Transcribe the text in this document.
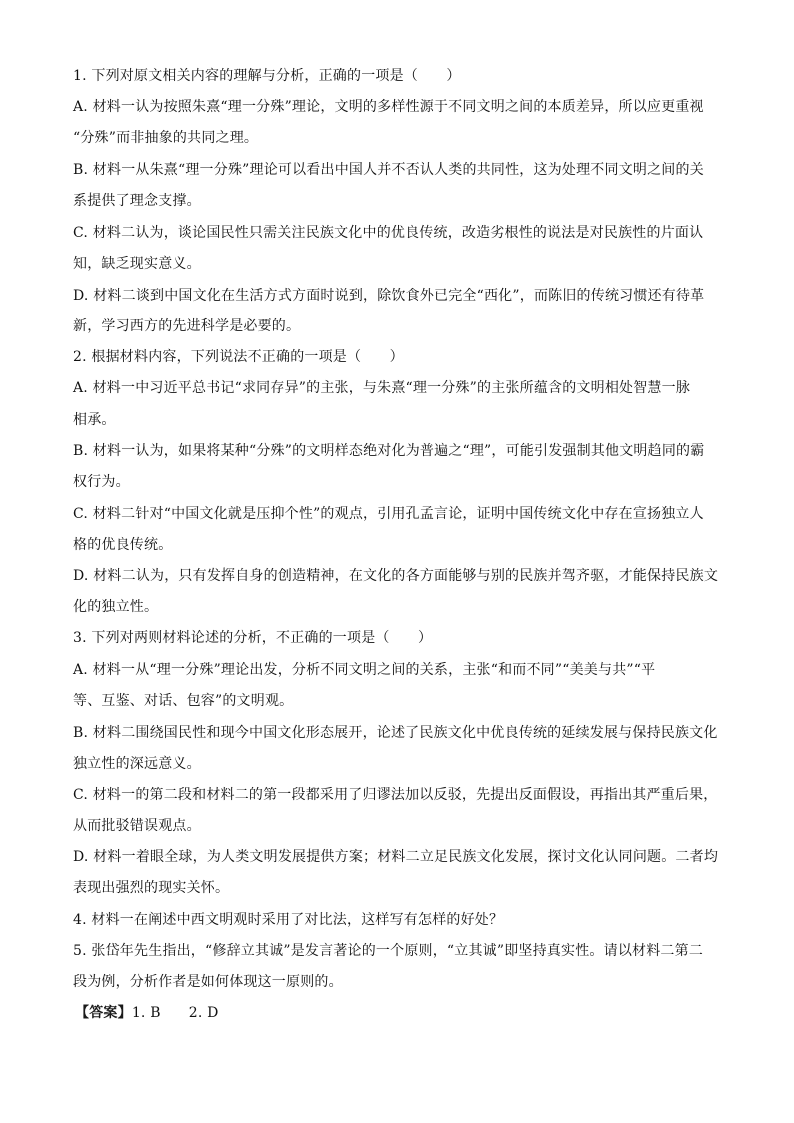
1. 下列对原文相关内容的理解与分析，正确的一项是（　　）
A. 材料一认为按照朱熹“理一分殊”理论，文明的多样性源于不同文明之间的本质差异，所以应更重视
“分殊”而非抽象的共同之理。
B. 材料一从朱熹“理一分殊”理论可以看出中国人并不否认人类的共同性，这为处理不同文明之间的关
系提供了理念支撑。
C. 材料二认为，谈论国民性只需关注民族文化中的优良传统，改造劣根性的说法是对民族性的片面认
知，缺乏现实意义。
D. 材料二谈到中国文化在生活方式方面时说到，除饮食外已完全“西化”，而陈旧的传统习惯还有待革
新，学习西方的先进科学是必要的。
2. 根据材料内容，下列说法不正确的一项是（　　）
A. 材料一中习近平总书记“求同存异”的主张，与朱熹“理一分殊”的主张所蕴含的文明相处智慧一脉
相承。
B. 材料一认为，如果将某种“分殊”的文明样态绝对化为普遍之“理”，可能引发强制其他文明趋同的霸
权行为。
C. 材料二针对“中国文化就是压抑个性”的观点，引用孔孟言论，证明中国传统文化中存在宣扬独立人
格的优良传统。
D. 材料二认为，只有发挥自身的创造精神，在文化的各方面能够与别的民族并驾齐驱，才能保持民族文
化的独立性。
3. 下列对两则材料论述的分析，不正确的一项是（　　）
A. 材料一从“理一分殊”理论出发，分析不同文明之间的关系，主张“和而不同”“美美与共”“平
等、互鉴、对话、包容”的文明观。
B. 材料二围绕国民性和现今中国文化形态展开，论述了民族文化中优良传统的延续发展与保持民族文化
独立性的深远意义。
C. 材料一的第二段和材料二的第一段都采用了归谬法加以反驳，先提出反面假设，再指出其严重后果，
从而批驳错误观点。
D. 材料一着眼全球，为人类文明发展提供方案；材料二立足民族文化发展，探讨文化认同问题。二者均
表现出强烈的现实关怀。
4. 材料一在阐述中西文明观时采用了对比法，这样写有怎样的好处？
5. 张岱年先生指出，“修辞立其诚”是发言著论的一个原则，“立其诚”即坚持真实性。请以材料二第二
段为例，分析作者是如何体现这一原则的。
【答案】1. B 2. D
